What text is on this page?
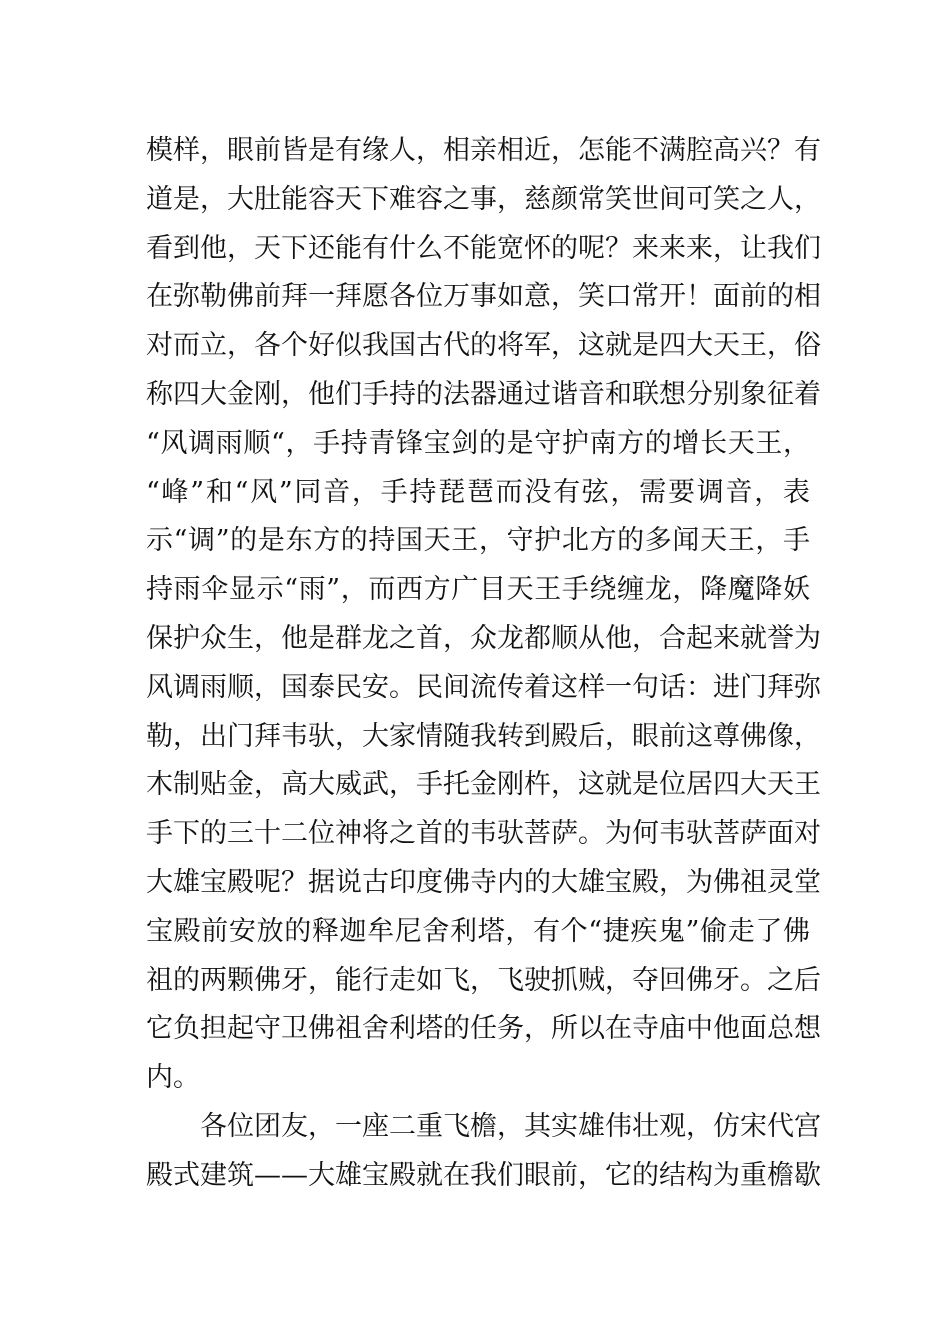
模样，眼前皆是有缘人，相亲相近，怎能不满腔高兴？有
道是，大肚能容天下难容之事，慈颜常笑世间可笑之人，
看到他，天下还能有什么不能宽怀的呢？来来来，让我们
在弥勒佛前拜一拜愿各位万事如意，笑口常开！面前的相
对而立，各个好似我国古代的将军，这就是四大天王，俗
称四大金刚，他们手持的法器通过谐音和联想分别象征着
“风调雨顺“，手持青锋宝剑的是守护南方的增长天王，
“峰”和“风”同音，手持琵琶而没有弦，需要调音，表
示“调”的是东方的持国天王，守护北方的多闻天王，手
持雨伞显示“雨”，而西方广目天王手绕缠龙，降魔降妖
保护众生，他是群龙之首，众龙都顺从他，合起来就誉为
风调雨顺，国泰民安。民间流传着这样一句话：进门拜弥
勒，出门拜韦驮，大家情随我转到殿后，眼前这尊佛像，
木制贴金，高大威武，手托金刚杵，这就是位居四大天王
手下的三十二位神将之首的韦驮菩萨。为何韦驮菩萨面对
大雄宝殿呢？据说古印度佛寺内的大雄宝殿，为佛祖灵堂
宝殿前安放的释迦牟尼舍利塔，有个“捷疾鬼”偷走了佛
祖的两颗佛牙，能行走如飞，飞驶抓贼，夺回佛牙。之后
它负担起守卫佛祖舍利塔的任务，所以在寺庙中他面总想
内。
各位团友，一座二重飞檐，其实雄伟壮观，仿宋代宫
殿式建筑——大雄宝殿就在我们眼前，它的结构为重檐歇
